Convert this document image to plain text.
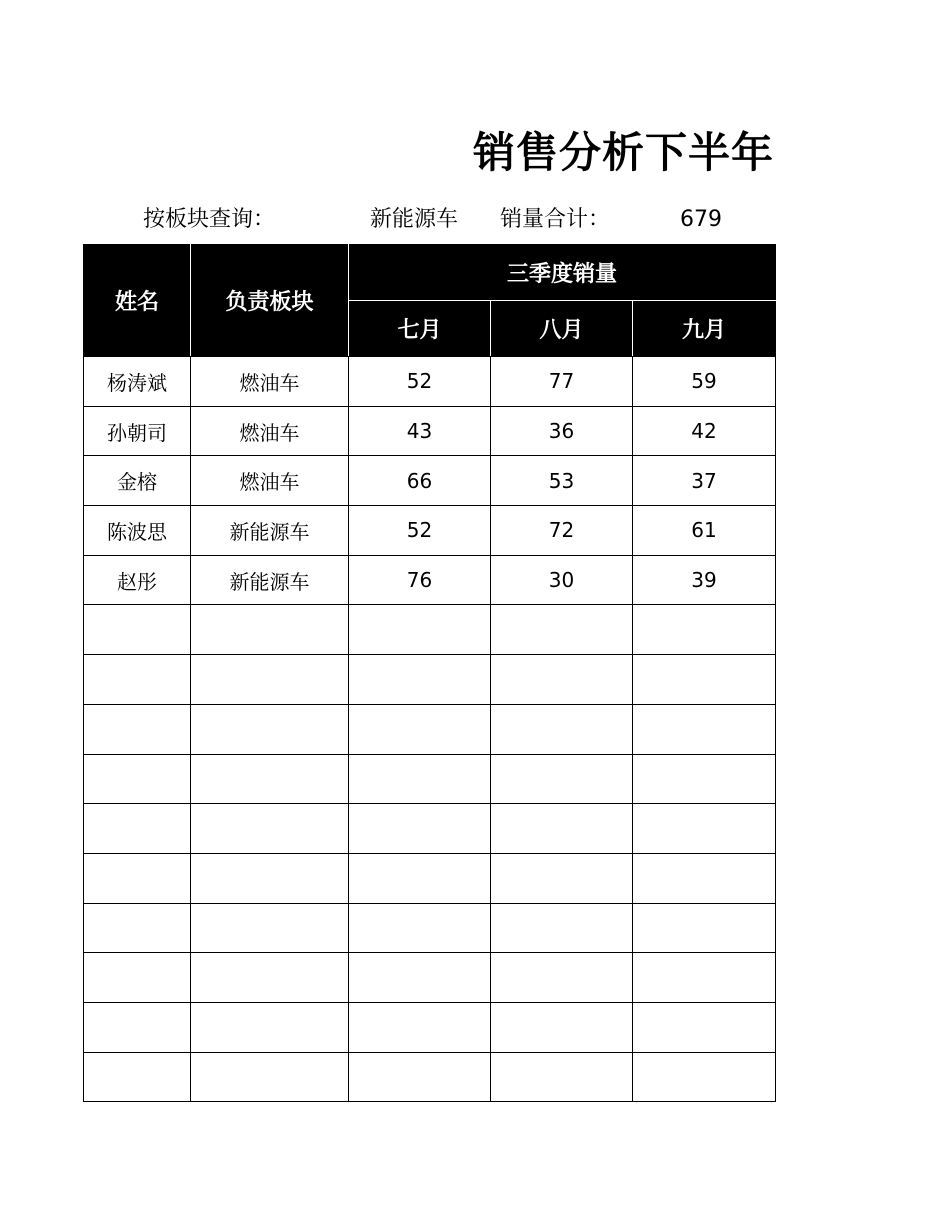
销售分析下半年
按板块查询：	新能源车 销量合计：	679
姓名	负责板块	三季度销量		
		七月	八月	九月
杨涛斌	燃油车	52	77	59
孙朝司	燃油车	43	36	42
金榕	燃油车	66	53	37
陈波思	新能源车	52	72	61
赵彤	新能源车	76	30	39
